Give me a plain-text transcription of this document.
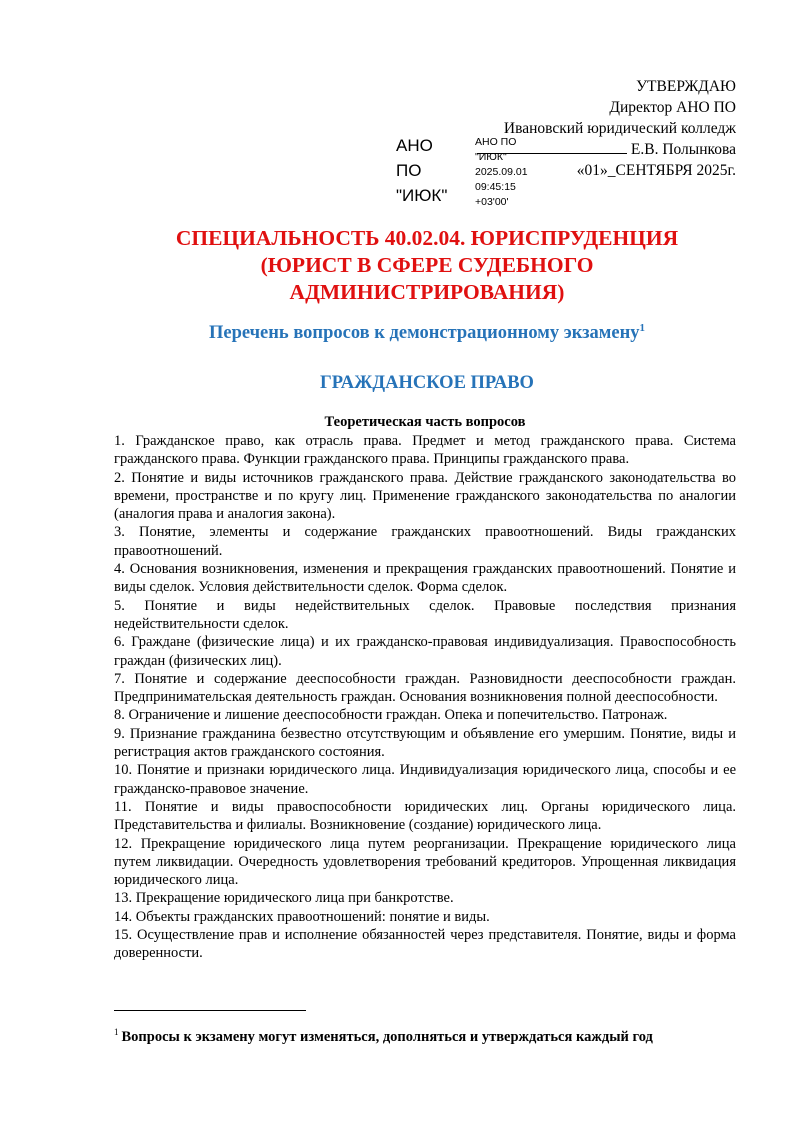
УТВЕРЖДАЮ
Директор АНО ПО
Ивановский юридический колледж
Е.В. Полынкова
«01»_СЕНТЯБРЯ 2025г.
АНО
ПО
"ИЮК"
АНО ПО
"ИЮК"
2025.09.01
09:45:15
+03'00'
СПЕЦИАЛЬНОСТЬ 40.02.04. ЮРИСПРУДЕНЦИЯ
(ЮРИСТ В СФЕРЕ СУДЕБНОГО
АДМИНИСТРИРОВАНИЯ)
Перечень вопросов к демонстрационному экзамену$^1$
ГРАЖДАНСКОЕ ПРАВО
Теоретическая часть вопросов

1. Гражданское право, как отрасль права. Предмет и метод гражданского права. Система гражданского права. Функции гражданского права. Принципы гражданского права.

2. Понятие и виды источников гражданского права. Действие гражданского законодательства во времени, пространстве и по кругу лиц. Применение гражданского законодательства по аналогии (аналогия права и аналогия закона).

3. Понятие, элементы и содержание гражданских правоотношений. Виды гражданских правоотношений.

4. Основания возникновения, изменения и прекращения гражданских правоотношений. Понятие и виды сделок. Условия действительности сделок. Форма сделок.

5. Понятие и виды недействительных сделок. Правовые последствия признания недействительности сделок.

6. Граждане (физические лица) и их гражданско-правовая индивидуализация. Правоспособность граждан (физических лиц).

7. Понятие и содержание дееспособности граждан. Разновидности дееспособности граждан. Предпринимательская деятельность граждан. Основания возникновения полной дееспособности.

8. Ограничение и лишение дееспособности граждан. Опека и попечительство. Патронаж.

9. Признание гражданина безвестно отсутствующим и объявление его умершим. Понятие, виды и регистрация актов гражданского состояния.

10. Понятие и признаки юридического лица. Индивидуализация юридического лица, способы и ее гражданско-правовое значение.

11. Понятие и виды правоспособности юридических лиц. Органы юридического лица. Представительства и филиалы. Возникновение (создание) юридического лица.

12. Прекращение юридического лица путем реорганизации. Прекращение юридического лица путем ликвидации. Очередность удовлетворения требований кредиторов. Упрощенная ликвидация юридического лица.

13. Прекращение юридического лица при банкротстве.

14. Объекты гражданских правоотношений: понятие и виды.

15. Осуществление прав и исполнение обязанностей через представителя. Понятие, виды и форма доверенности.

$^1$ Вопросы к экзамену могут изменяться, дополняться и утверждаться каждый год
